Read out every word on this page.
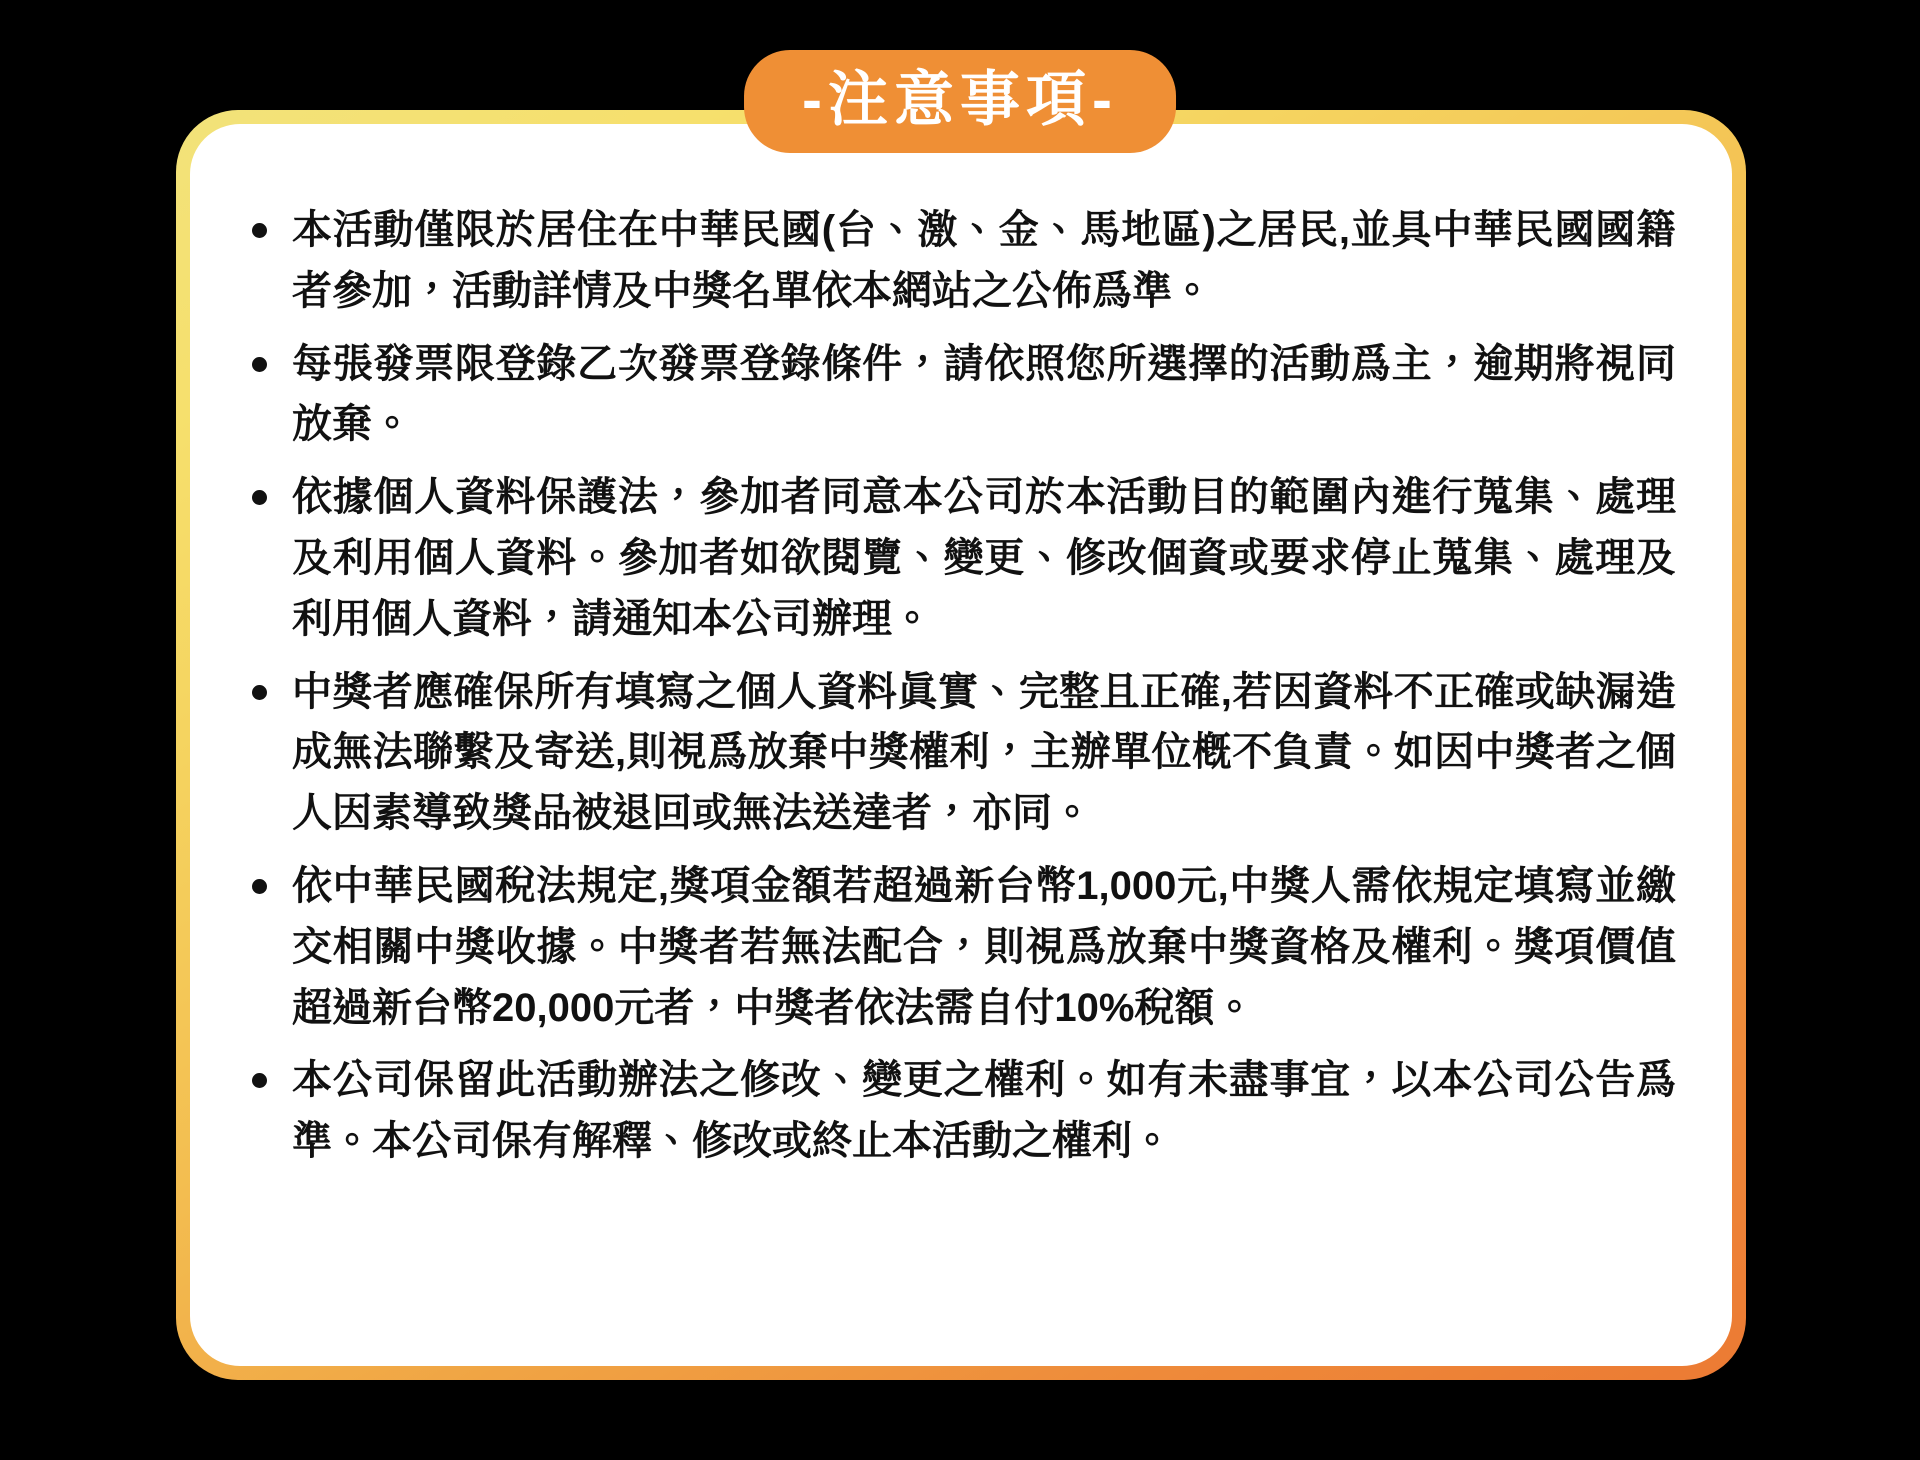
-注意事項-
本活動僅限於居住在中華民國(台、激、金、馬地區)之居民,並具中華民國國籍者參加，活動詳情及中獎名單依本網站之公佈爲準。
每張發票限登錄乙次發票登錄條件，請依照您所選擇的活動爲主，逾期將視同放棄。
依據個人資料保護法，參加者同意本公司於本活動目的範圍內進行蒐集、處理及利用個人資料。參加者如欲閱覽、變更、修改個資或要求停止蒐集、處理及利用個人資料，請通知本公司辦理。
中獎者應確保所有填寫之個人資料眞實、完整且正確,若因資料不正確或缺漏造成無法聯繫及寄送,則視爲放棄中獎權利，主辦單位槪不負責。如因中獎者之個人因素導致獎品被退回或無法送達者，亦同。
依中華民國稅法規定,獎項金額若超過新台幣1,000元,中獎人需依規定填寫並繳交相關中獎收據。中獎者若無法配合，則視爲放棄中獎資格及權利。獎項價值超過新台幣20,000元者，中獎者依法需自付10%稅額。
本公司保留此活動辦法之修改、變更之權利。如有未盡事宜，以本公司公告爲準。本公司保有解釋、修改或終止本活動之權利。
